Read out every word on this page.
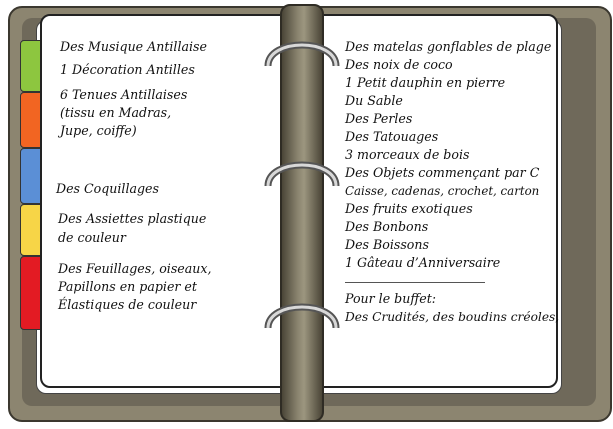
Des Musique Antillaise
1 Décoration Antilles
6 Tenues Antillaises
(tissu en Madras,
Jupe, coiffe)
Des Coquillages
Des Assiettes plastique
de couleur
Des Feuillages, oiseaux,
Papillons en papier et
Élastiques de couleur
Des matelas gonflables de plage
Des noix de coco
1 Petit dauphin en pierre
Du Sable
Des Perles
Des Tatouages
3 morceaux de bois
Des Objets commençant par C
Caisse, cadenas, crochet, carton
Des fruits exotiques
Des Bonbons
Des Boissons
1 Gâteau d’Anniversaire
Pour le buffet:
Des Crudités, des boudins créoles,
